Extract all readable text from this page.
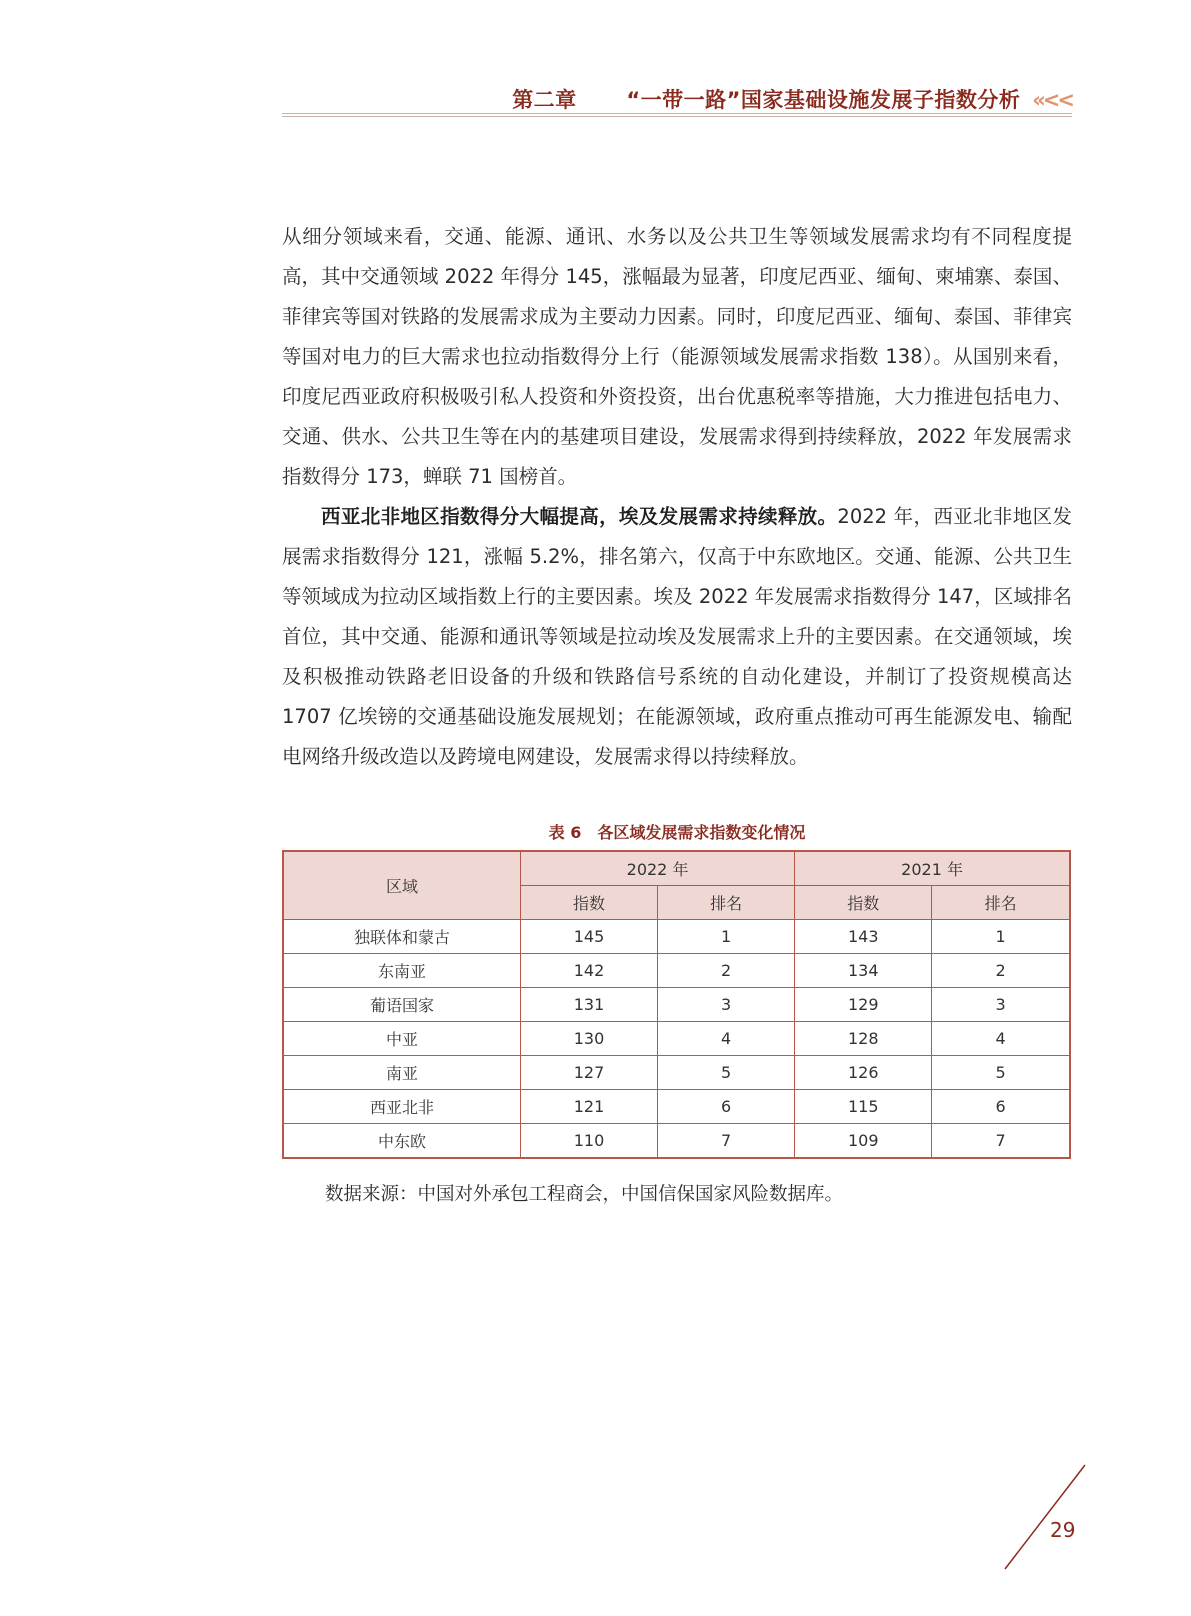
第二章 “一带一路”国家基础设施发展子指数分析 «<<

从细分领域来看，交通、能源、通讯、水务以及公共卫生等领域发展需求均有不同程度提高，其中交通领域 2022 年得分 145，涨幅最为显著，印度尼西亚、缅甸、柬埔寨、泰国、菲律宾等国对铁路的发展需求成为主要动力因素。同时，印度尼西亚、缅甸、泰国、菲律宾等国对电力的巨大需求也拉动指数得分上行（能源领域发展需求指数 138）。从国别来看，印度尼西亚政府积极吸引私人投资和外资投资，出台优惠税率等措施，大力推进包括电力、交通、供水、公共卫生等在内的基建项目建设，发展需求得到持续释放，2022 年发展需求指数得分 173，蝉联 71 国榜首。

西亚北非地区指数得分大幅提高，埃及发展需求持续释放。2022 年，西亚北非地区发展需求指数得分 121，涨幅 5.2%，排名第六，仅高于中东欧地区。交通、能源、公共卫生等领域成为拉动区域指数上行的主要因素。埃及 2022 年发展需求指数得分 147，区域排名首位，其中交通、能源和通讯等领域是拉动埃及发展需求上升的主要因素。在交通领域，埃及积极推动铁路老旧设备的升级和铁路信号系统的自动化建设，并制订了投资规模高达 1707 亿埃镑的交通基础设施发展规划；在能源领域，政府重点推动可再生能源发电、输配电网络升级改造以及跨境电网建设，发展需求得以持续释放。

表 6　各区域发展需求指数变化情况
区域	2022 年		2021 年	
	指数	排名	指数	排名
独联体和蒙古	145	1	143	1
东南亚	142	2	134	2
葡语国家	131	3	129	3
中亚	130	4	128	4
南亚	127	5	126	5
西亚北非	121	6	115	6
中东欧	110	7	109	7
数据来源：中国对外承包工程商会，中国信保国家风险数据库。
29
